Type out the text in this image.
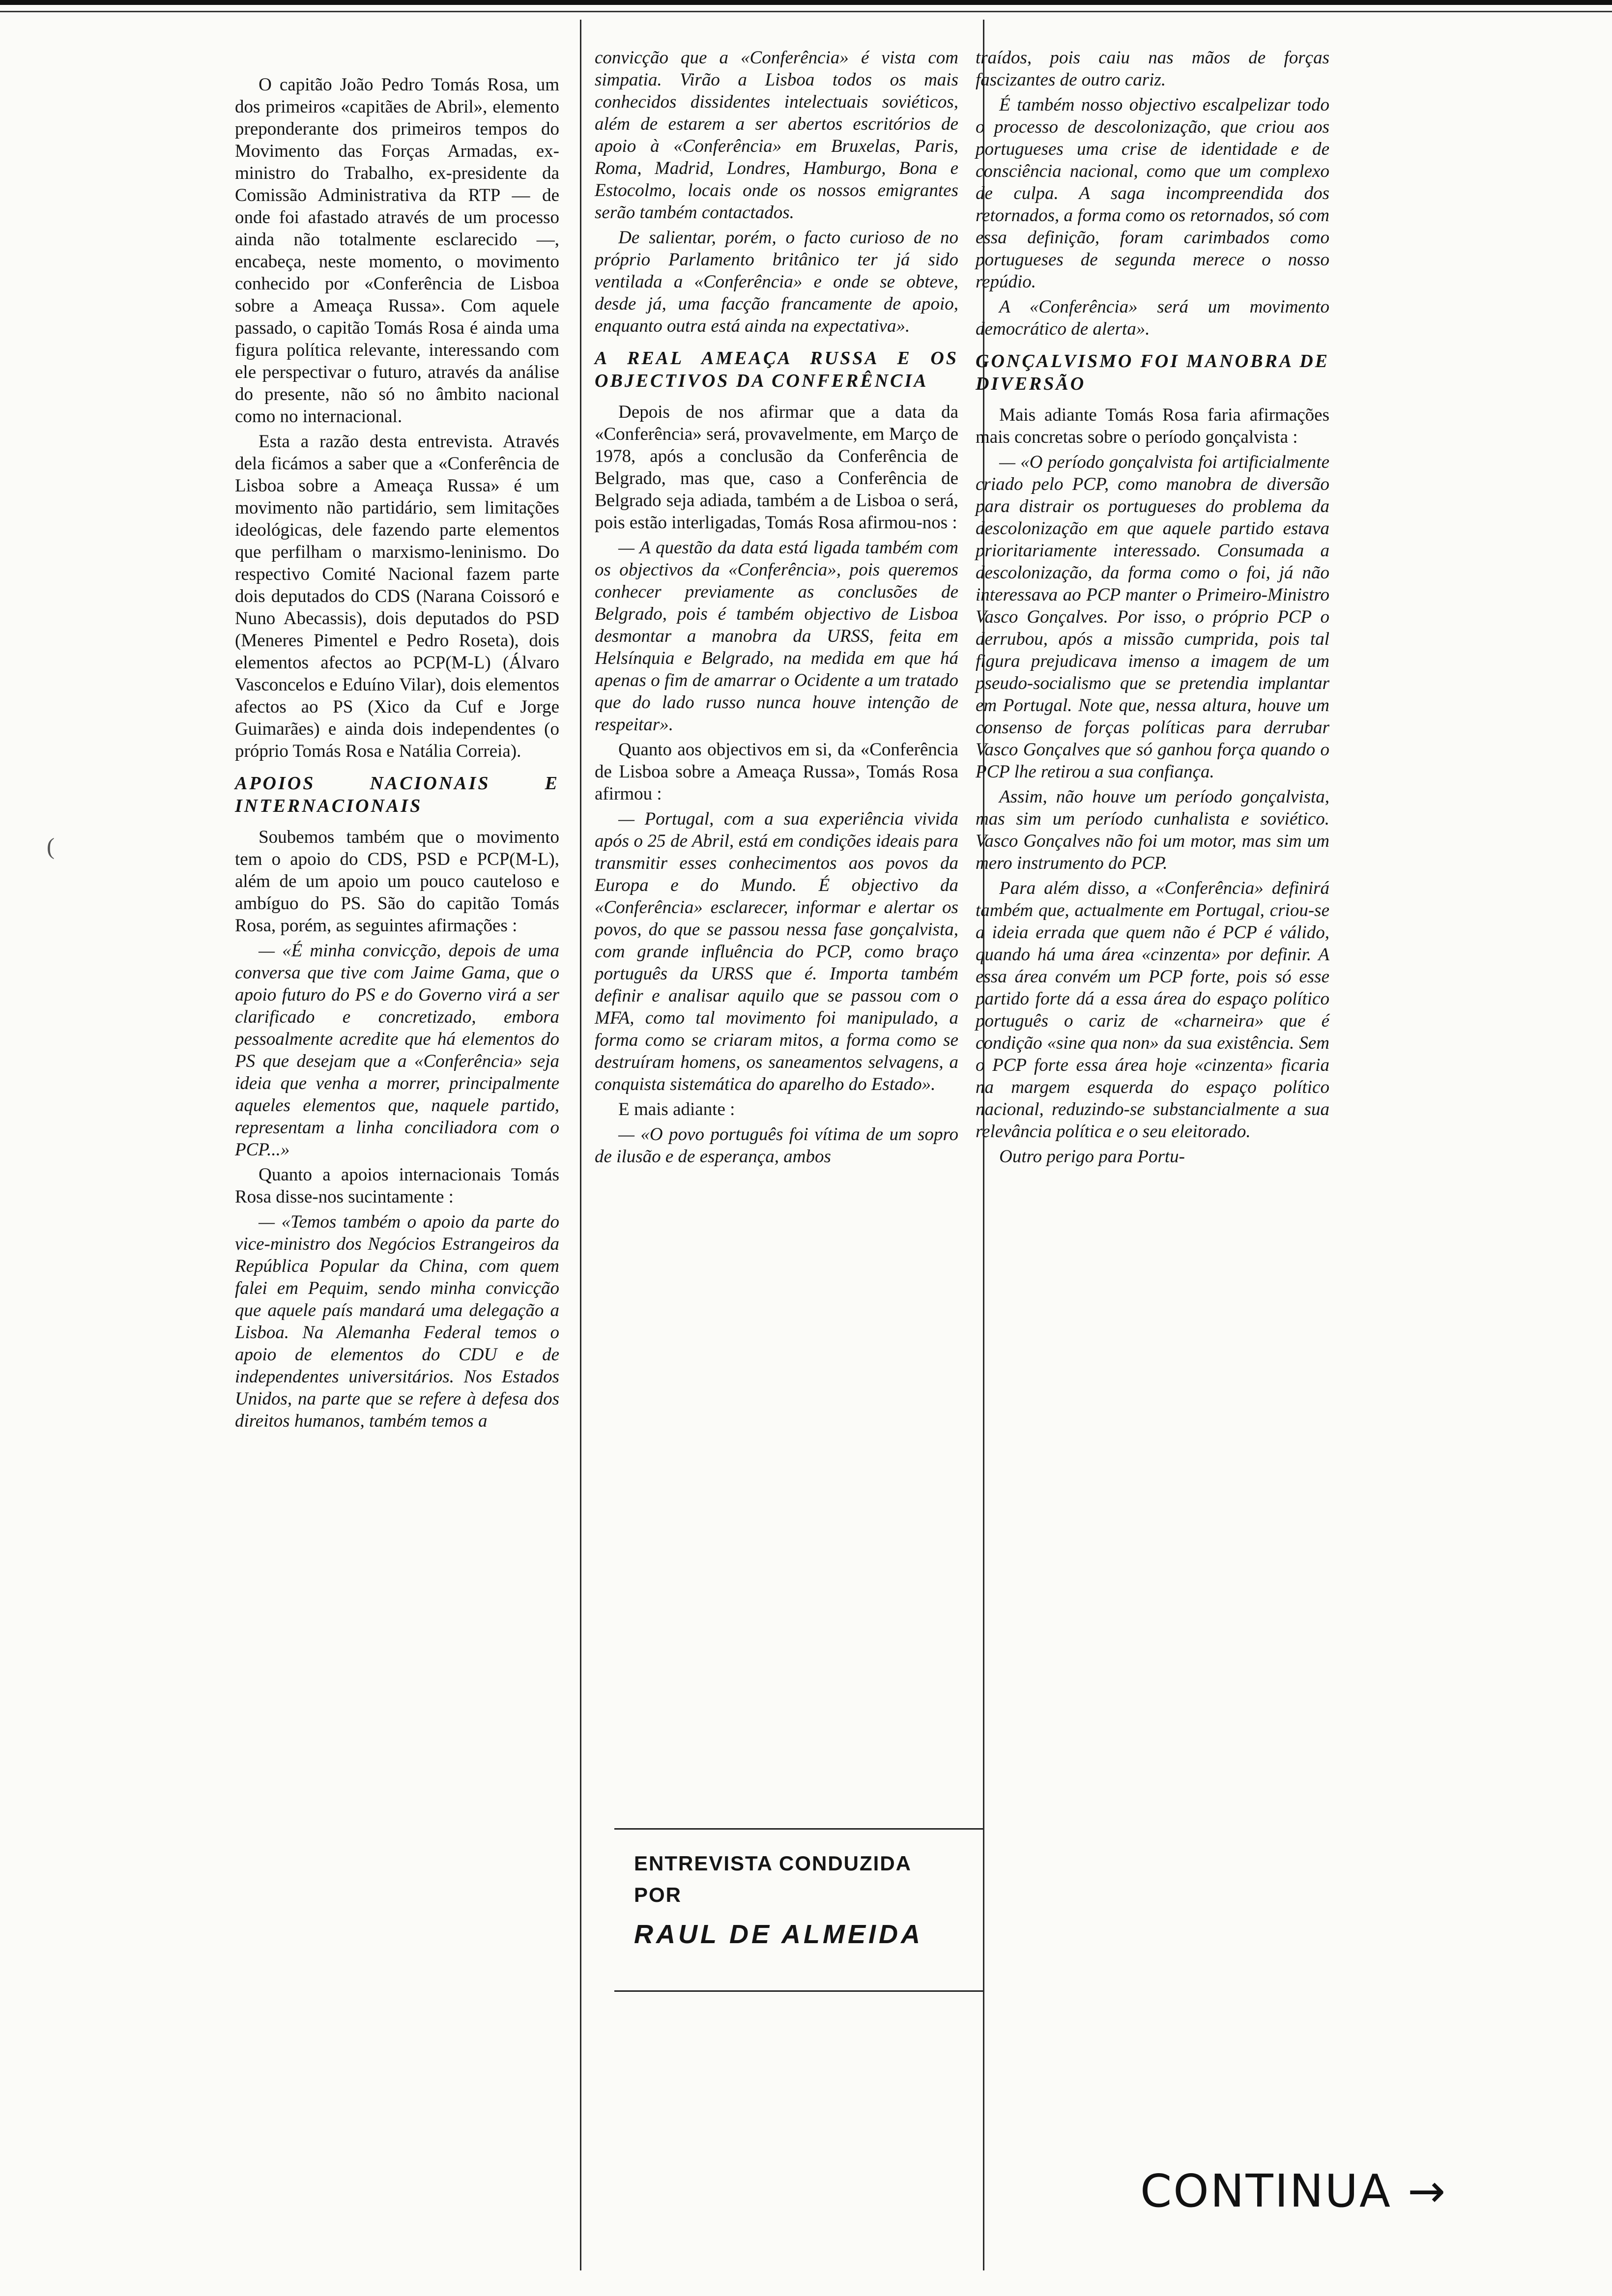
(

O capitão João Pedro Tomás Rosa, um dos primeiros «capitães de Abril», elemento preponderante dos primeiros tempos do Movimento das Forças Armadas, ex-ministro do Trabalho, ex-presidente da Comissão Administrativa da RTP — de onde foi afastado através de um processo ainda não totalmente esclarecido —, encabeça, neste momento, o movimento conhecido por «Conferência de Lisboa sobre a Ameaça Russa». Com aquele passado, o capitão Tomás Rosa é ainda uma figura política relevante, interessando com ele perspectivar o futuro, através da análise do presente, não só no âmbito nacional como no internacional.

Esta a razão desta entrevista. Através dela ficámos a saber que a «Conferência de Lisboa sobre a Ameaça Russa» é um movimento não partidário, sem limitações ideológicas, dele fazendo parte elementos que perfilham o marxismo-leninismo. Do respectivo Comité Nacional fazem parte dois deputados do CDS (Narana Coissoró e Nuno Abecassis), dois deputados do PSD (Meneres Pimentel e Pedro Roseta), dois elementos afectos ao PCP(M-L) (Álvaro Vasconcelos e Eduíno Vilar), dois elementos afectos ao PS (Xico da Cuf e Jorge Guimarães) e ainda dois independentes (o próprio Tomás Rosa e Natália Correia).

APOIOS NACIONAIS E INTERNACIONAIS

Soubemos também que o movimento tem o apoio do CDS, PSD e PCP(M-L), além de um apoio um pouco cauteloso e ambíguo do PS. São do capitão Tomás Rosa, porém, as seguintes afirmações :

— «É minha convicção, depois de uma conversa que tive com Jaime Gama, que o apoio futuro do PS e do Governo virá a ser clarificado e concretizado, embora pessoalmente acredite que há elementos do PS que desejam que a «Conferência» seja ideia que venha a morrer, principalmente aqueles elementos que, naquele partido, representam a linha conciliadora com o PCP...»

Quanto a apoios internacionais Tomás Rosa disse-nos sucintamente :

— «Temos também o apoio da parte do vice-ministro dos Negócios Estrangeiros da República Popular da China, com quem falei em Pequim, sendo minha convicção que aquele país mandará uma delegação a Lisboa. Na Alemanha Federal temos o apoio de elementos do CDU e de independentes universitários. Nos Estados Unidos, na parte que se refere à defesa dos direitos humanos, também temos a

convicção que a «Conferência» é vista com simpatia. Virão a Lisboa todos os mais conhecidos dissidentes intelectuais soviéticos, além de estarem a ser abertos escritórios de apoio à «Conferência» em Bruxelas, Paris, Roma, Madrid, Londres, Hamburgo, Bona e Estocolmo, locais onde os nossos emigrantes serão também contactados.

De salientar, porém, o facto curioso de no próprio Parlamento britânico ter já sido ventilada a «Conferência» e onde se obteve, desde já, uma facção francamente de apoio, enquanto outra está ainda na expectativa».

A REAL AMEAÇA RUSSA E OS OBJECTIVOS DA CONFERÊNCIA

Depois de nos afirmar que a data da «Conferência» será, provavelmente, em Março de 1978, após a conclusão da Conferência de Belgrado, mas que, caso a Conferência de Belgrado seja adiada, também a de Lisboa o será, pois estão interligadas, Tomás Rosa afirmou-nos :

— A questão da data está ligada também com os objectivos da «Conferência», pois queremos conhecer previamente as conclusões de Belgrado, pois é também objectivo de Lisboa desmontar a manobra da URSS, feita em Helsínquia e Belgrado, na medida em que há apenas o fim de amarrar o Ocidente a um tratado que do lado russo nunca houve intenção de respeitar».

Quanto aos objectivos em si, da «Conferência de Lisboa sobre a Ameaça Russa», Tomás Rosa afirmou :

— Portugal, com a sua experiência vivida após o 25 de Abril, está em condições ideais para transmitir esses conhecimentos aos povos da Europa e do Mundo. É objectivo da «Conferência» esclarecer, informar e alertar os povos, do que se passou nessa fase gonçalvista, com grande influência do PCP, como braço português da URSS que é. Importa também definir e analisar aquilo que se passou com o MFA, como tal movimento foi manipulado, a forma como se criaram mitos, a forma como se destruíram homens, os saneamentos selvagens, a conquista sistemática do aparelho do Estado».

E mais adiante :

— «O povo português foi vítima de um sopro de ilusão e de esperança, ambos

ENTREVISTA CONDUZIDA
POR
RAUL DE ALMEIDA

traídos, pois caiu nas mãos de forças fascizantes de outro cariz.

É também nosso objectivo escalpelizar todo o processo de descolonização, que criou aos portugueses uma crise de identidade e de consciência nacional, como que um complexo de culpa. A saga incompreendida dos retornados, a forma como os retornados, só com essa definição, foram carimbados como portugueses de segunda merece o nosso repúdio.

A «Conferência» será um movimento democrático de alerta».

GONÇALVISMO FOI MANOBRA DE DIVERSÃO

Mais adiante Tomás Rosa faria afirmações mais concretas sobre o período gonçalvista :

— «O período gonçalvista foi artificialmente criado pelo PCP, como manobra de diversão para distrair os portugueses do problema da descolonização em que aquele partido estava prioritariamente interessado. Consumada a descolonização, da forma como o foi, já não interessava ao PCP manter o Primeiro-Ministro Vasco Gonçalves. Por isso, o próprio PCP o derrubou, após a missão cumprida, pois tal figura prejudicava imenso a imagem de um pseudo-socialismo que se pretendia implantar em Portugal. Note que, nessa altura, houve um consenso de forças políticas para derrubar Vasco Gonçalves que só ganhou força quando o PCP lhe retirou a sua confiança.

Assim, não houve um período gonçalvista, mas sim um período cunhalista e soviético. Vasco Gonçalves não foi um motor, mas sim um mero instrumento do PCP.

Para além disso, a «Conferência» definirá também que, actualmente em Portugal, criou-se a ideia errada que quem não é PCP é válido, quando há uma área «cinzenta» por definir. A essa área convém um PCP forte, pois só esse partido forte dá a essa área do espaço político português o cariz de «charneira» que é condição «sine qua non» da sua existência. Sem o PCP forte essa área hoje «cinzenta» ficaria na margem esquerda do espaço político nacional, reduzindo-se substancialmente a sua relevância política e o seu eleitorado.

Outro perigo para Portu-

CONTINUA →
